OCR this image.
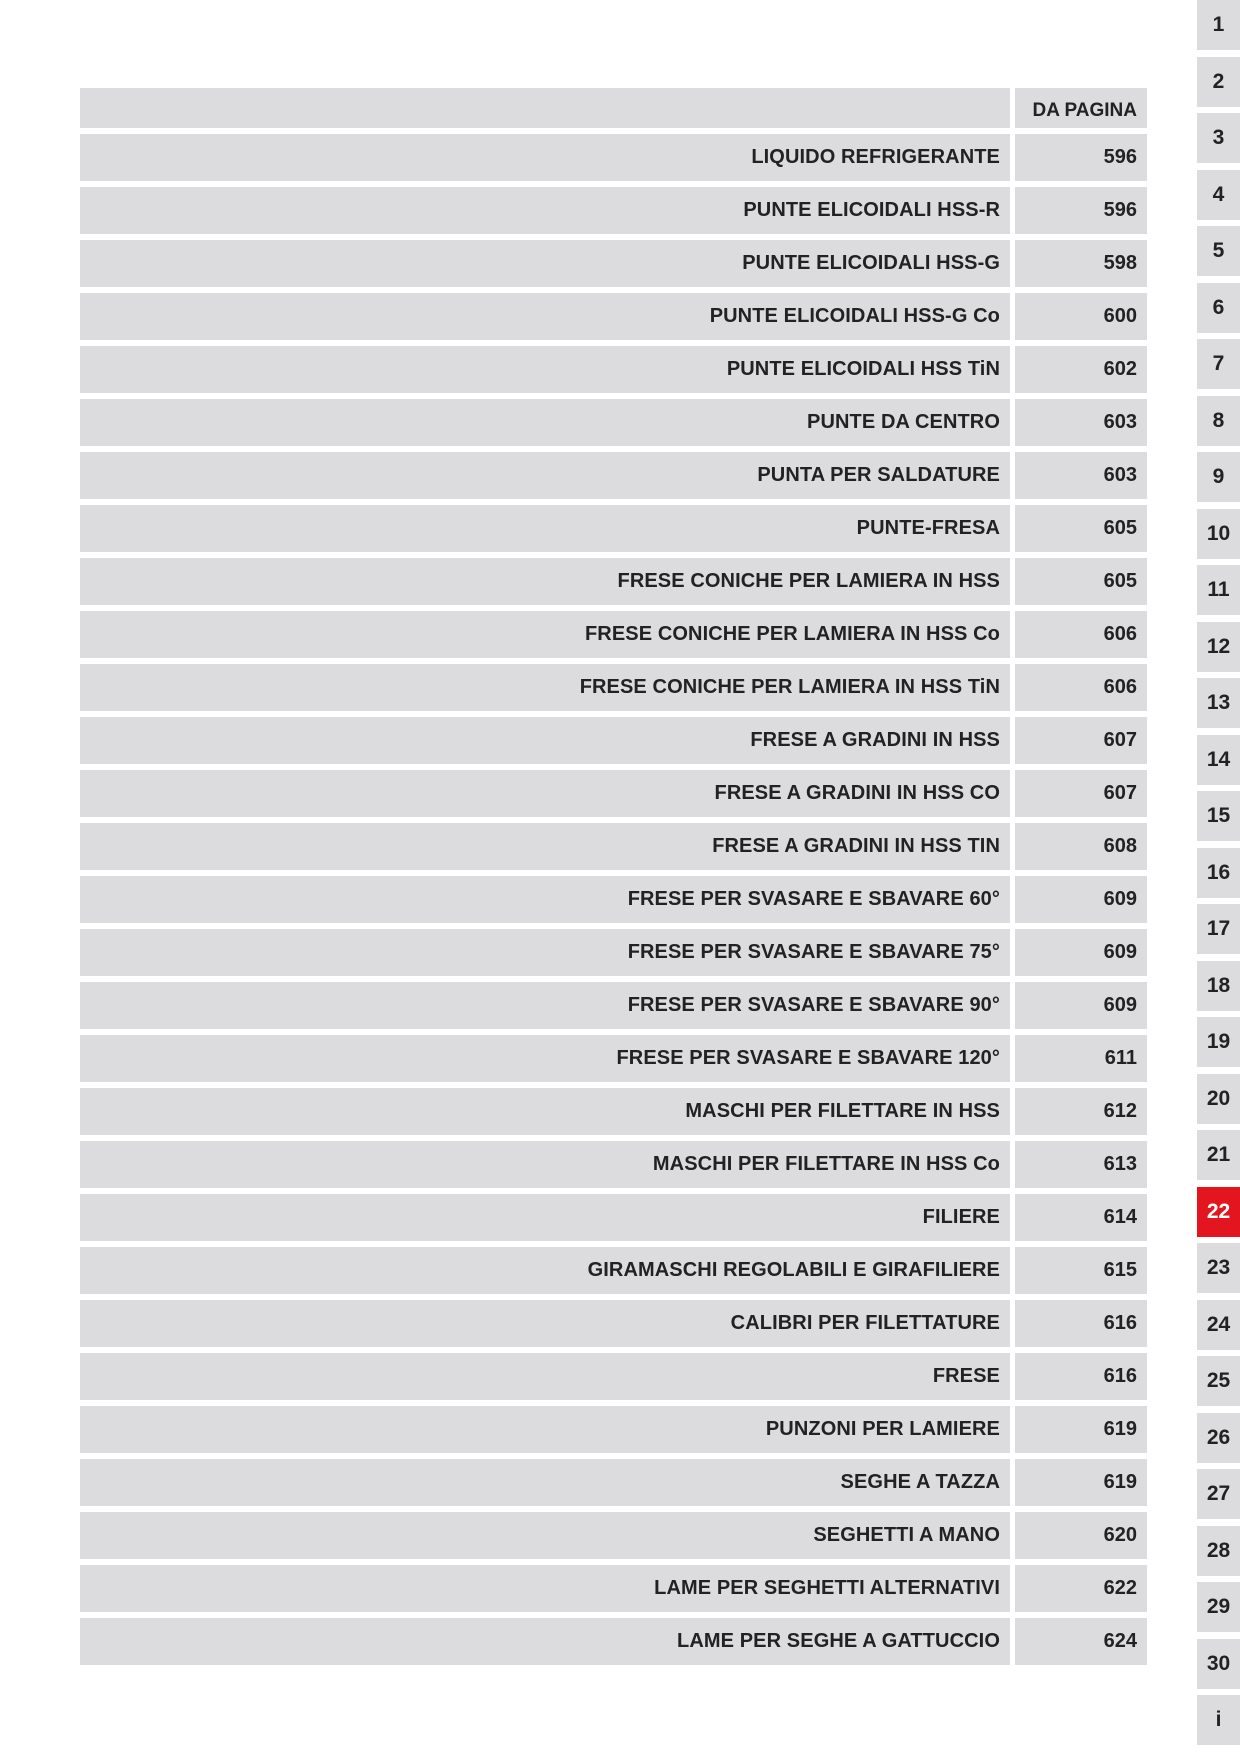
DA PAGINA
LIQUIDO REFRIGERANTE	596
PUNTE ELICOIDALI HSS-R	596
PUNTE ELICOIDALI HSS-G	598
PUNTE ELICOIDALI HSS-G Co	600
PUNTE ELICOIDALI HSS TiN	602
PUNTE DA CENTRO	603
PUNTA PER SALDATURE	603
PUNTE-FRESA	605
FRESE CONICHE PER LAMIERA IN HSS	605
FRESE CONICHE PER LAMIERA IN HSS Co	606
FRESE CONICHE PER LAMIERA IN HSS TiN	606
FRESE A GRADINI IN HSS	607
FRESE A GRADINI IN HSS CO	607
FRESE A GRADINI IN HSS TIN	608
FRESE PER SVASARE E SBAVARE 60°	609
FRESE PER SVASARE E SBAVARE 75°	609
FRESE PER SVASARE E SBAVARE 90°	609
FRESE PER SVASARE E SBAVARE 120°	611
MASCHI PER FILETTARE IN HSS	612
MASCHI PER FILETTARE IN HSS Co	613
FILIERE	614
GIRAMASCHI REGOLABILI E GIRAFILIERE	615
CALIBRI PER FILETTATURE	616
FRESE	616
PUNZONI PER LAMIERE	619
SEGHE A TAZZA	619
SEGHETTI A MANO	620
LAME PER SEGHETTI ALTERNATIVI	622
LAME PER SEGHE A GATTUCCIO	624
1
2
3
4
5
6
7
8
9
10
11
12
13
14
15
16
17
18
19
20
21
22
23
24
25
26
27
28
29
30
i
